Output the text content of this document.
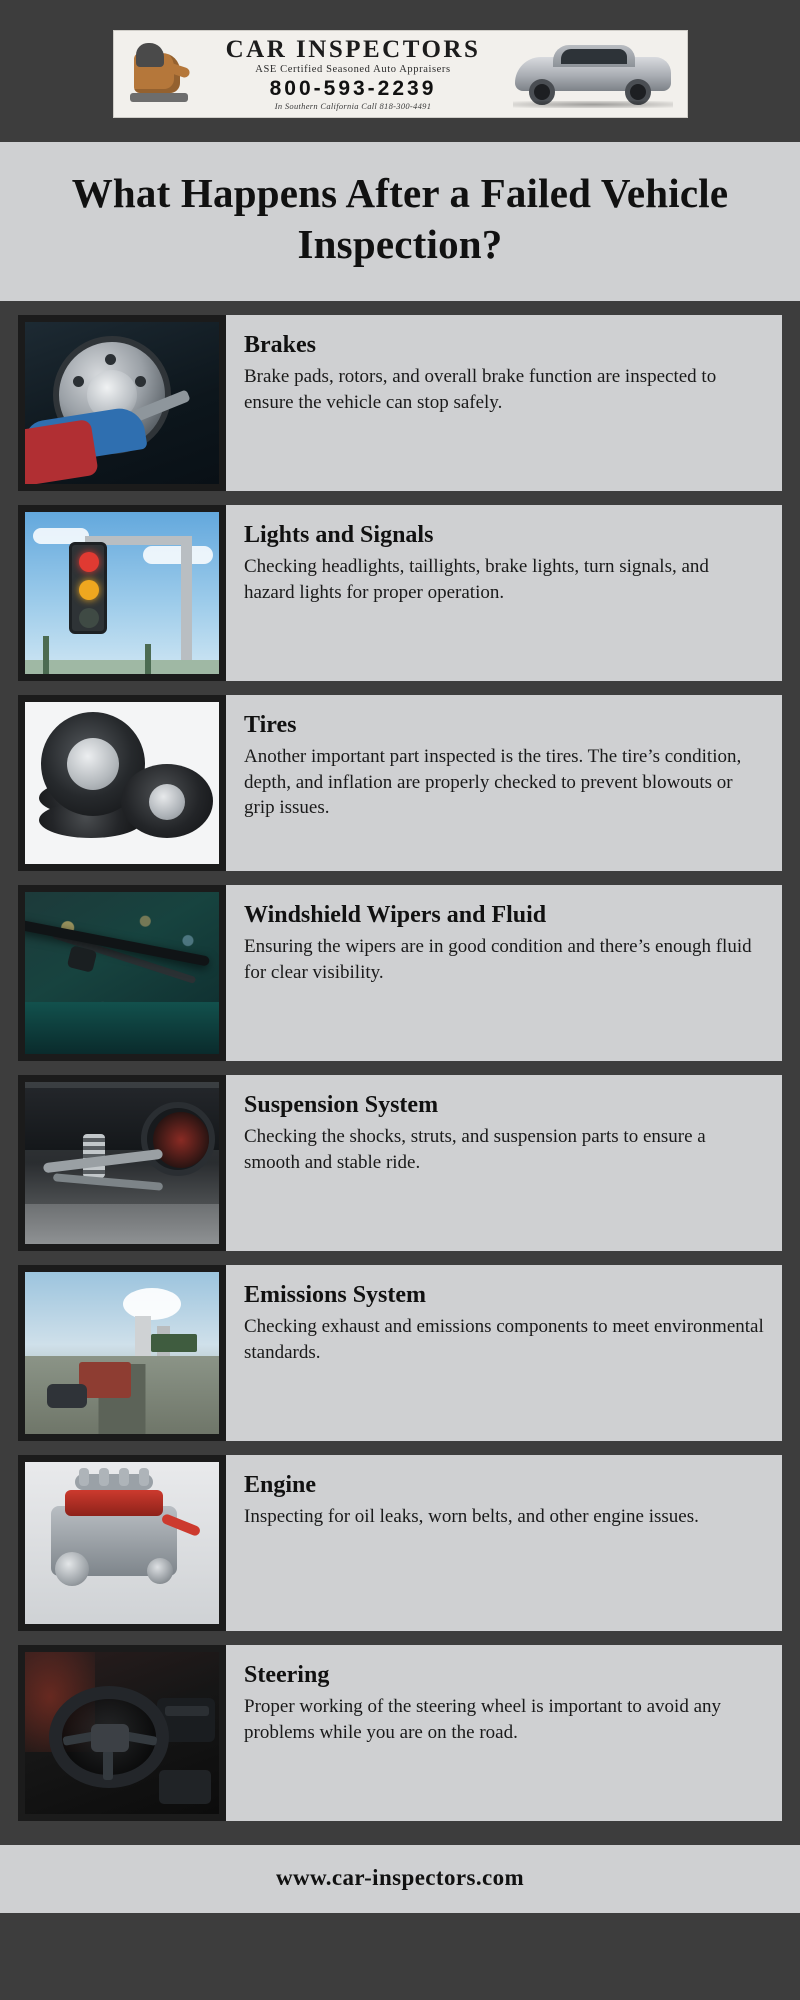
CAR INSPECTORS
ASE Certified Seasoned Auto Appraisers
800-593-2239
In Southern California Call 818-300-4491
What Happens After a Failed Vehicle Inspection?
Brakes
Brake pads, rotors, and overall brake function are inspected to ensure the vehicle can stop safely.
Lights and Signals
Checking headlights, taillights, brake lights, turn signals, and hazard lights for proper operation.
Tires
Another important part inspected is the tires. The tire’s condition, depth, and inflation are properly checked to prevent blowouts or grip issues.
Windshield Wipers and Fluid
Ensuring the wipers are in good condition and there’s enough fluid for clear visibility.
Suspension System
Checking the shocks, struts, and suspension parts to ensure a smooth and stable ride.
Emissions System
Checking exhaust and emissions components to meet environmental standards.
Engine
Inspecting for oil leaks, worn belts, and other engine issues.
Steering
Proper working of the steering wheel is important to avoid any problems while you are on the road.
www.car-inspectors.com
